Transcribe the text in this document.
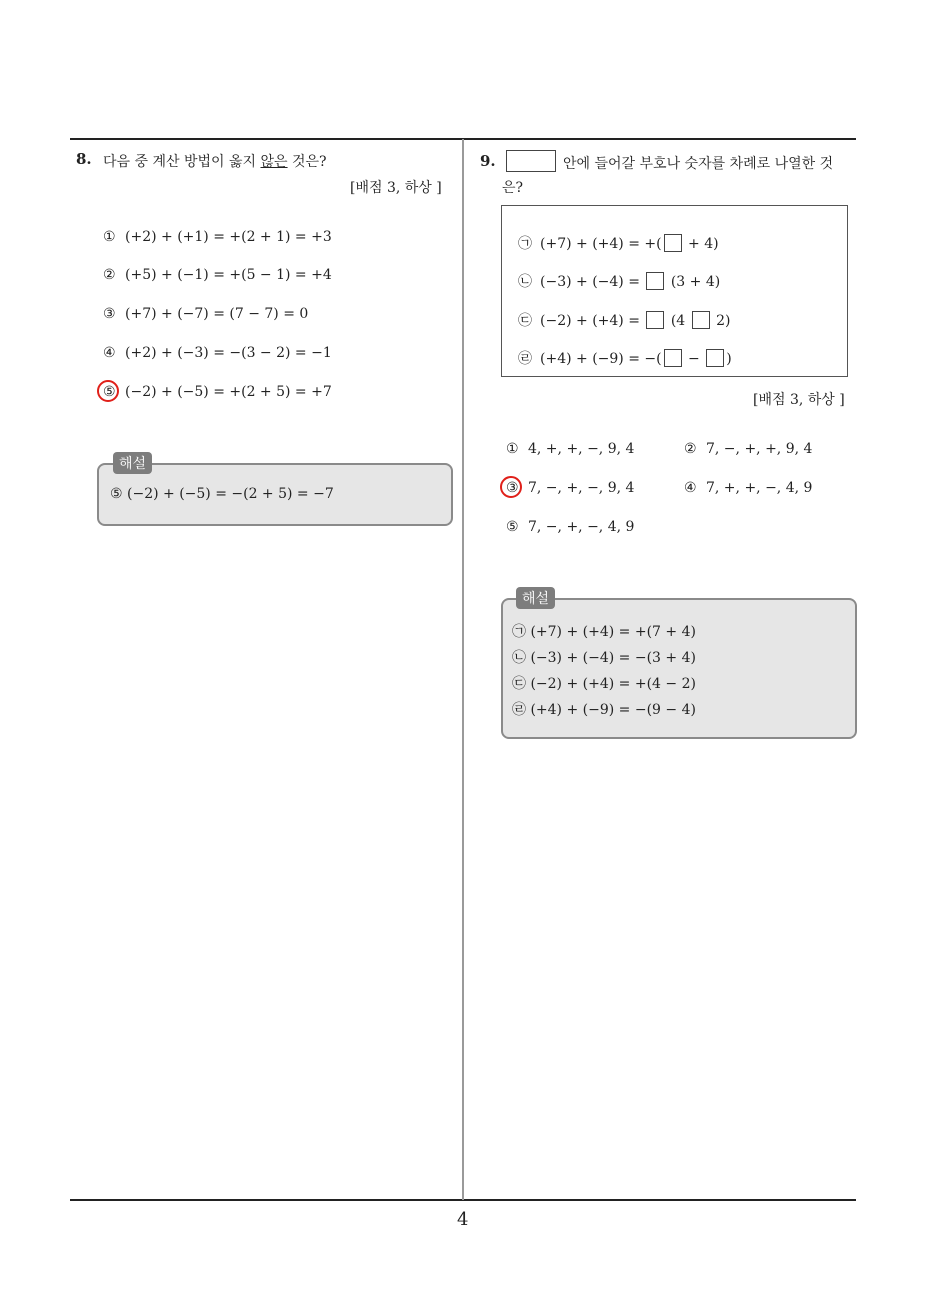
8. 다음 중 계산 방법이 옳지 않은 것은?
[배점 3, 하상 ]
① (+2) + (+1) = +(2 + 1) = +3
② (+5) + (−1) = +(5 − 1) = +4
③ (+7) + (−7) = (7 − 7) = 0
④ (+2) + (−3) = −(3 − 2) = −1
⑤ (−2) + (−5) = +(2 + 5) = +7
해설
⑤ (−2) + (−5) = −(2 + 5) = −7
9.	안에 들어갈 부호나 숫자를 차례로 나열한 것
은?
㉠ (+7) + (+4) = +( + 4)
㉡ (−3) + (−4) =  (3 + 4)
㉢ (−2) + (+4) =  (4  2)
㉣ (+4) + (−9) = −( − )
[배점 3, 하상 ]
① 4, +, +, −, 9, 4	② 7, −, +, +, 9, 4
③ 7, −, +, −, 9, 4	④ 7, +, +, −, 4, 9
⑤ 7, −, +, −, 4, 9
해설
㉠ (+7) + (+4) = +(7 + 4)
㉡ (−3) + (−4) = −(3 + 4)
㉢ (−2) + (+4) = +(4 − 2)
㉣ (+4) + (−9) = −(9 − 4)
4
